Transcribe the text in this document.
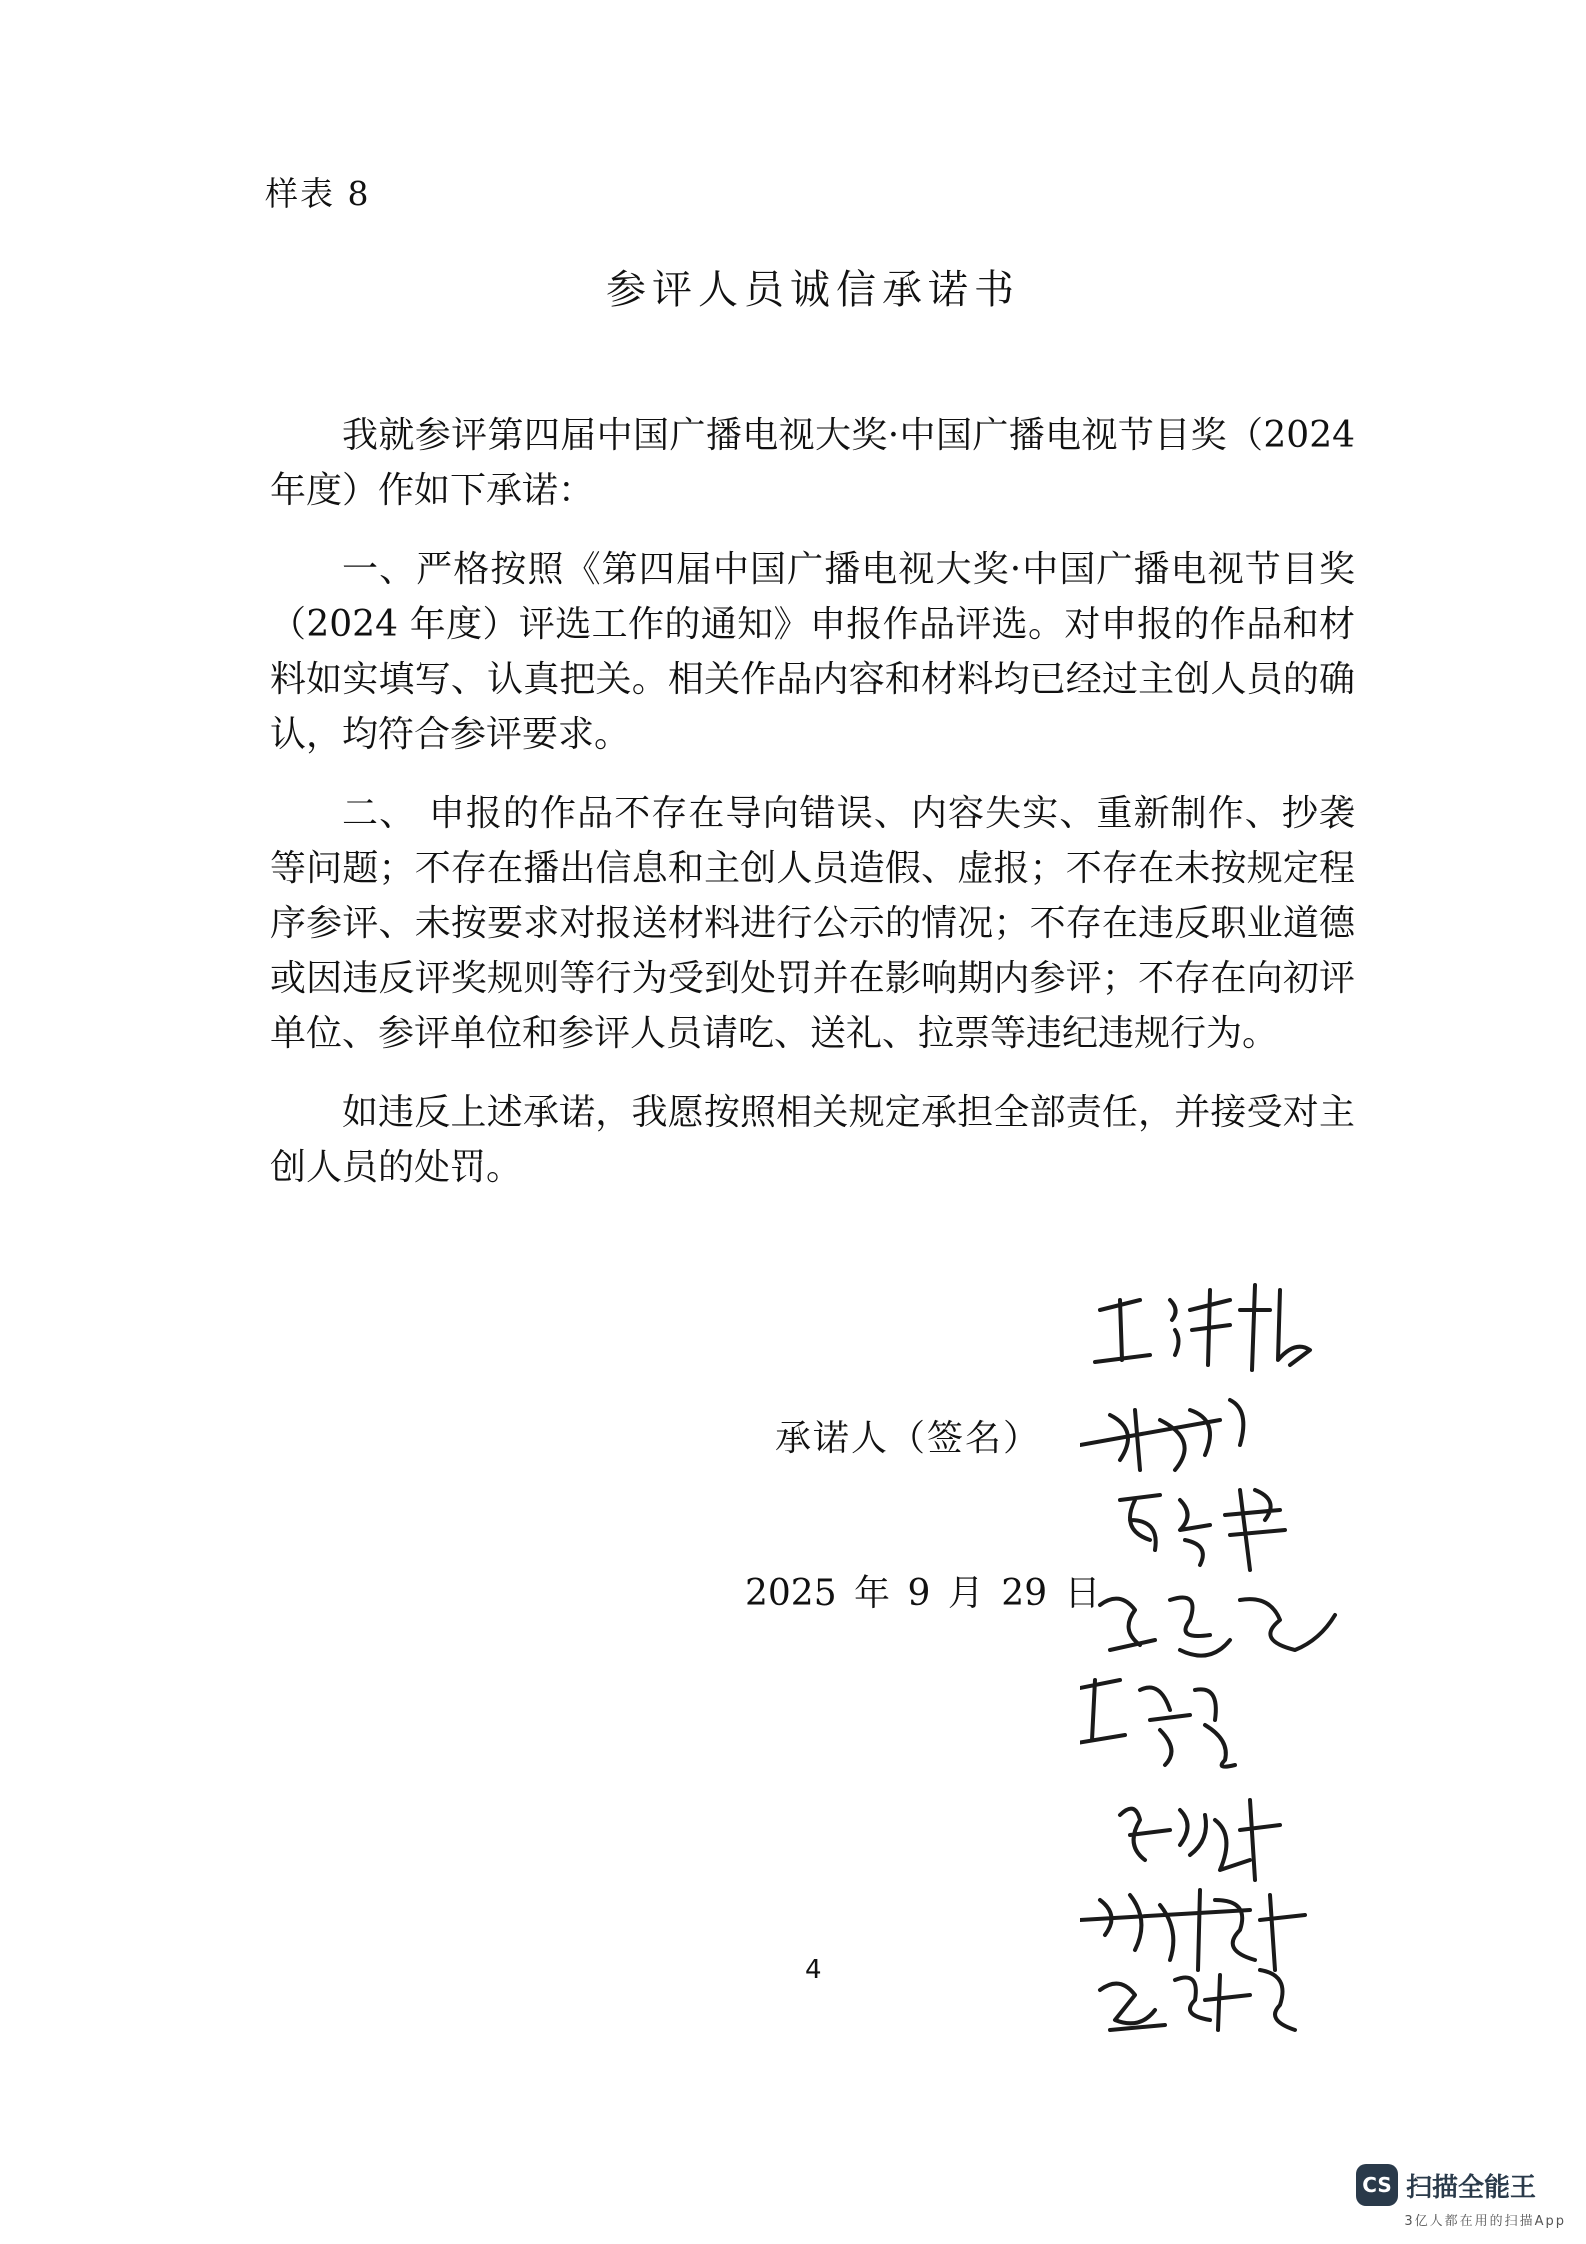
样表 8
参评人员诚信承诺书

我就参评第四届中国广播电视大奖·中国广播电视节目奖（2024 年度）作如下承诺：

一、严格按照《第四届中国广播电视大奖·中国广播电视节目奖（2024 年度）评选工作的通知》申报作品评选。对申报的作品和材料如实填写、认真把关。相关作品内容和材料均已经过主创人员的确认，均符合参评要求。

二、 申报的作品不存在导向错误、内容失实、重新制作、抄袭等问题；不存在播出信息和主创人员造假、虚报；不存在未按规定程序参评、未按要求对报送材料进行公示的情况；不存在违反职业道德或因违反评奖规则等行为受到处罚并在影响期内参评；不存在向初评单位、参评单位和参评人员请吃、送礼、拉票等违纪违规行为。

如违反上述承诺，我愿按照相关规定承担全部责任，并接受对主创人员的处罚。

承诺人（签名）
2025 年 9 月 29 日
4
CS 扫描全能王
3亿人都在用的扫描App
